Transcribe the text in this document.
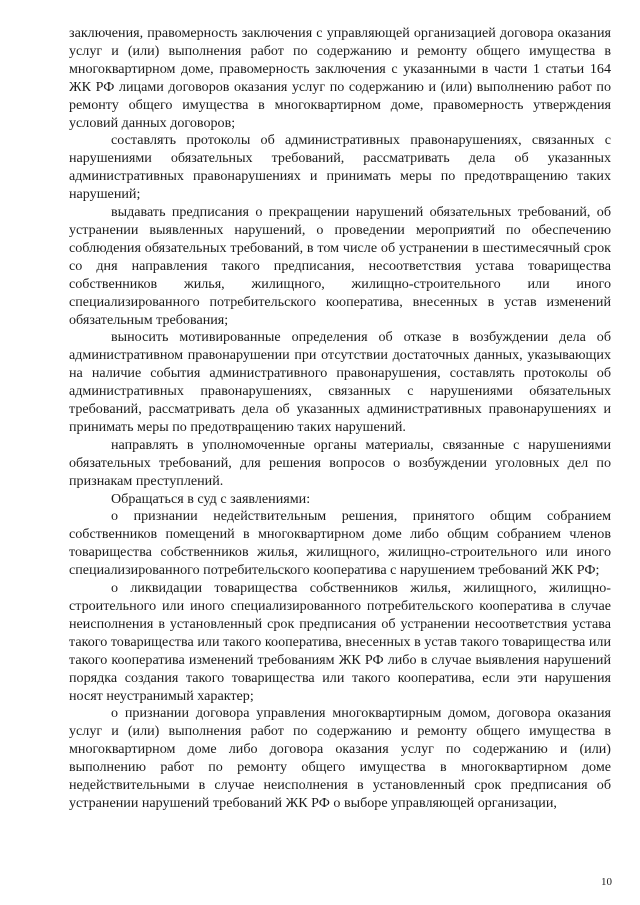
заключения, правомерность заключения с управляющей организацией договора оказания услуг и (или) выполнения работ по содержанию и ремонту общего имущества в многоквартирном доме, правомерность заключения с указанными в части 1 статьи 164 ЖК РФ лицами договоров оказания услуг по содержанию и (или) выполнению работ по ремонту общего имущества в многоквартирном доме, правомерность утверждения условий данных договоров;

составлять протоколы об административных правонарушениях, связанных с нарушениями обязательных требований, рассматривать дела об указанных административных правонарушениях и принимать меры по предотвращению таких нарушений;

выдавать предписания о прекращении нарушений обязательных требований, об устранении выявленных нарушений, о проведении мероприятий по обеспечению соблюдения обязательных требований, в том числе об устранении в шестимесячный срок со дня направления такого предписания, несоответствия устава товарищества собственников жилья, жилищного, жилищно-строительного или иного специализированного потребительского кооператива, внесенных в устав изменений обязательным требования;

выносить мотивированные определения об отказе в возбуждении дела об административном правонарушении при отсутствии достаточных данных, указывающих на наличие события административного правонарушения, составлять протоколы об административных правонарушениях, связанных с нарушениями обязательных требований, рассматривать дела об указанных административных правонарушениях и принимать меры по предотвращению таких нарушений.

направлять в уполномоченные органы материалы, связанные с нарушениями обязательных требований, для решения вопросов о возбуждении уголовных дел по признакам преступлений.

Обращаться в суд с заявлениями:

о признании недействительным решения, принятого общим собранием собственников помещений в многоквартирном доме либо общим собранием членов товарищества собственников жилья, жилищного, жилищно-строительного или иного специализированного потребительского кооператива с нарушением требований ЖК РФ;

о ликвидации товарищества собственников жилья, жилищного, жилищно-строительного или иного специализированного потребительского кооператива в случае неисполнения в установленный срок предписания об устранении несоответствия устава такого товарищества или такого кооператива, внесенных в устав такого товарищества или такого кооператива изменений требованиям ЖК РФ либо в случае выявления нарушений порядка создания такого товарищества или такого кооператива, если эти нарушения носят неустранимый характер;

о признании договора управления многоквартирным домом, договора оказания услуг и (или) выполнения работ по содержанию и ремонту общего имущества в многоквартирном доме либо договора оказания услуг по содержанию и (или) выполнению работ по ремонту общего имущества в многоквартирном доме недействительными в случае неисполнения в установленный срок предписания об устранении нарушений требований ЖК РФ о выборе управляющей организации,

10
